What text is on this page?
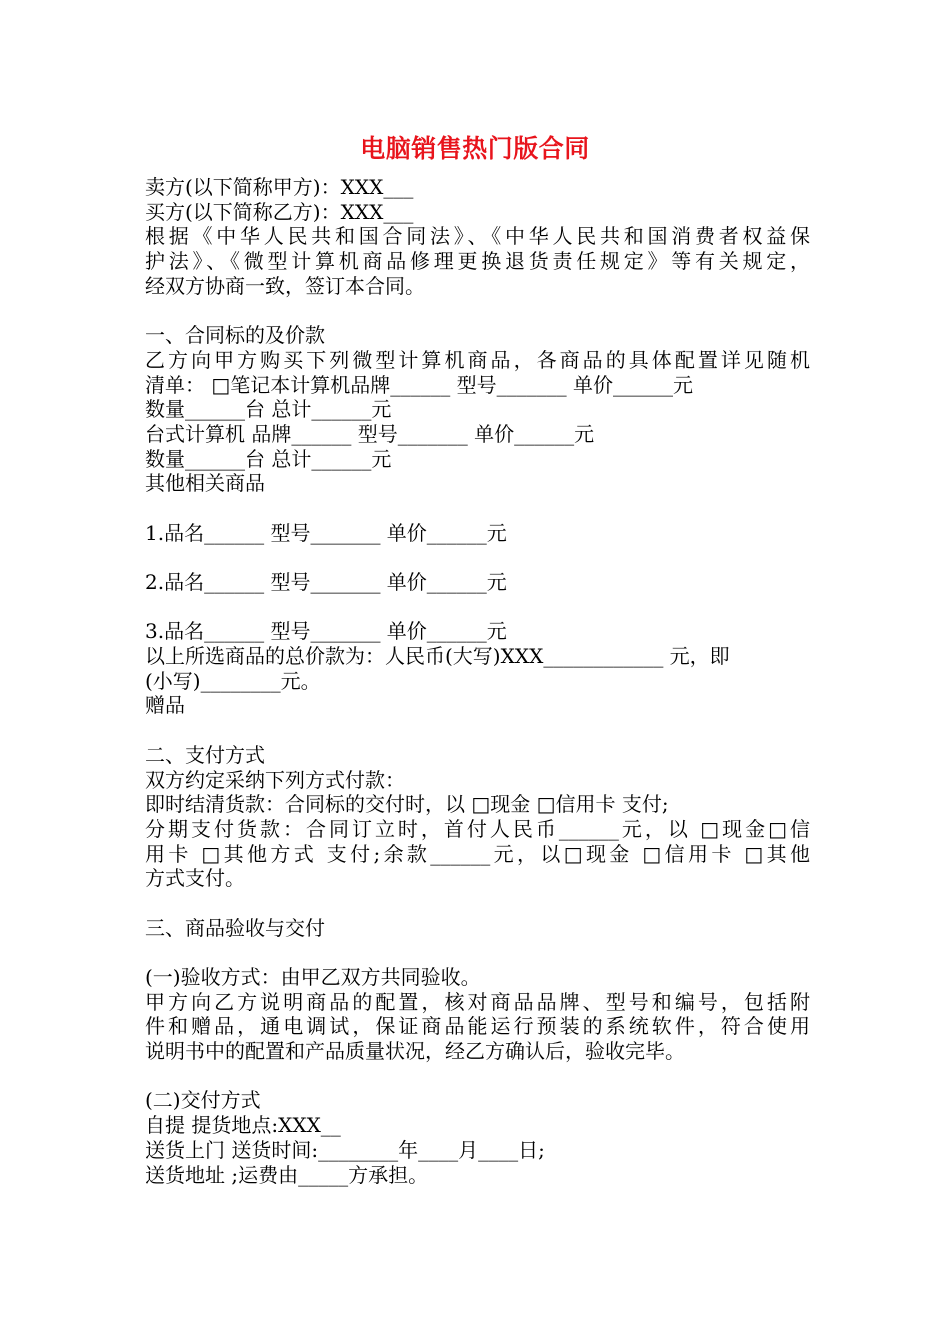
电脑销售热门版合同
卖方(以下简称甲方)：XXX___
买方(以下简称乙方)：XXX___
根据《中华人民共和国合同法》、《中华人民共和国消费者权益保
护法》、《微型计算机商品修理更换退货责任规定》等有关规定，
经双方协商一致，签订本合同。
一、合同标的及价款
乙方向甲方购买下列微型计算机商品，各商品的具体配置详见随机
清单： □笔记本计算机品牌______ 型号_______ 单价______元
数量______台 总计______元
台式计算机 品牌______ 型号_______ 单价______元
数量______台 总计______元
其他相关商品
1.品名______ 型号_______ 单价______元
2.品名______ 型号_______ 单价______元
3.品名______ 型号_______ 单价______元
以上所选商品的总价款为：人民币(大写)XXX____________ 元，即
(小写)________元。
赠品
二、支付方式
双方约定采纳下列方式付款：
即时结清货款：合同标的交付时，以 □现金 □信用卡 支付;
分期支付货款：合同订立时，首付人民币______元，以 □现金□信
用卡 □其他方式 支付;余款______元，以□现金 □信用卡 □其他
方式支付。
三、商品验收与交付
(一)验收方式：由甲乙双方共同验收。
甲方向乙方说明商品的配置，核对商品品牌、型号和编号，包括附
件和赠品，通电调试，保证商品能运行预装的系统软件，符合使用
说明书中的配置和产品质量状况，经乙方确认后，验收完毕。
(二)交付方式
自提 提货地点:XXX__
送货上门 送货时间:________年____月____日;
送货地址 ;运费由_____方承担。
